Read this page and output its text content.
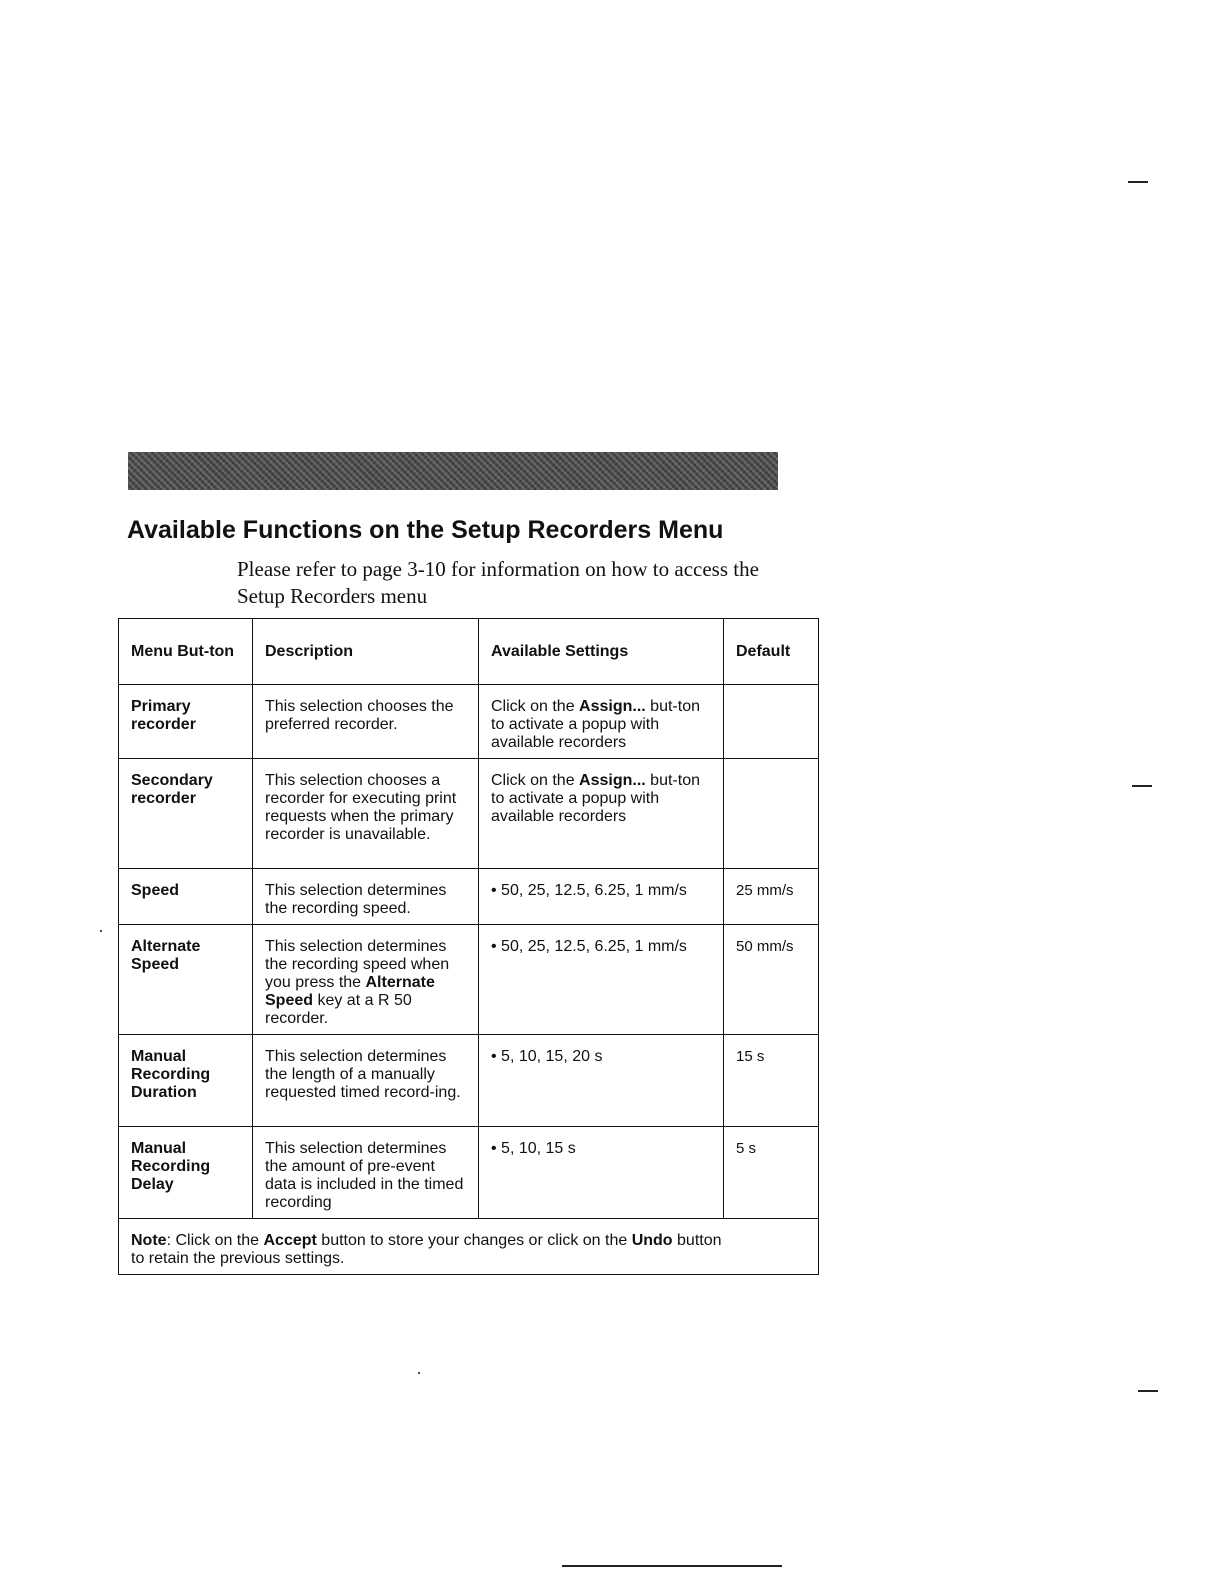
Available Functions on the Setup Recorders Menu

Please refer to page 3-10 for information on how to access the
Setup Recorders menu

Menu But-ton	Description	Available Settings	Default
Primary recorder	This selection chooses the preferred recorder.	Click on the Assign... but-ton to activate a popup with available recorders	
Secondary recorder	This selection chooses a recorder for executing print requests when the primary recorder is unavailable.	Click on the Assign... but-ton to activate a popup with available recorders	
Speed	This selection determines the recording speed.	• 50, 25, 12.5, 6.25, 1 mm/s	25 mm/s
Alternate Speed	This selection determines the recording speed when you press the Alternate Speed key at a R 50 recorder.	• 50, 25, 12.5, 6.25, 1 mm/s	50 mm/s
Manual Recording Duration	This selection determines the length of a manually requested timed record-ing.	• 5, 10, 15, 20 s	15 s
Manual Recording Delay	This selection determines the amount of pre-event data is included in the timed recording	• 5, 10, 15 s	5 s
Note: Click on the Accept button to store your changes or click on the Undo button
to retain the previous settings.			
